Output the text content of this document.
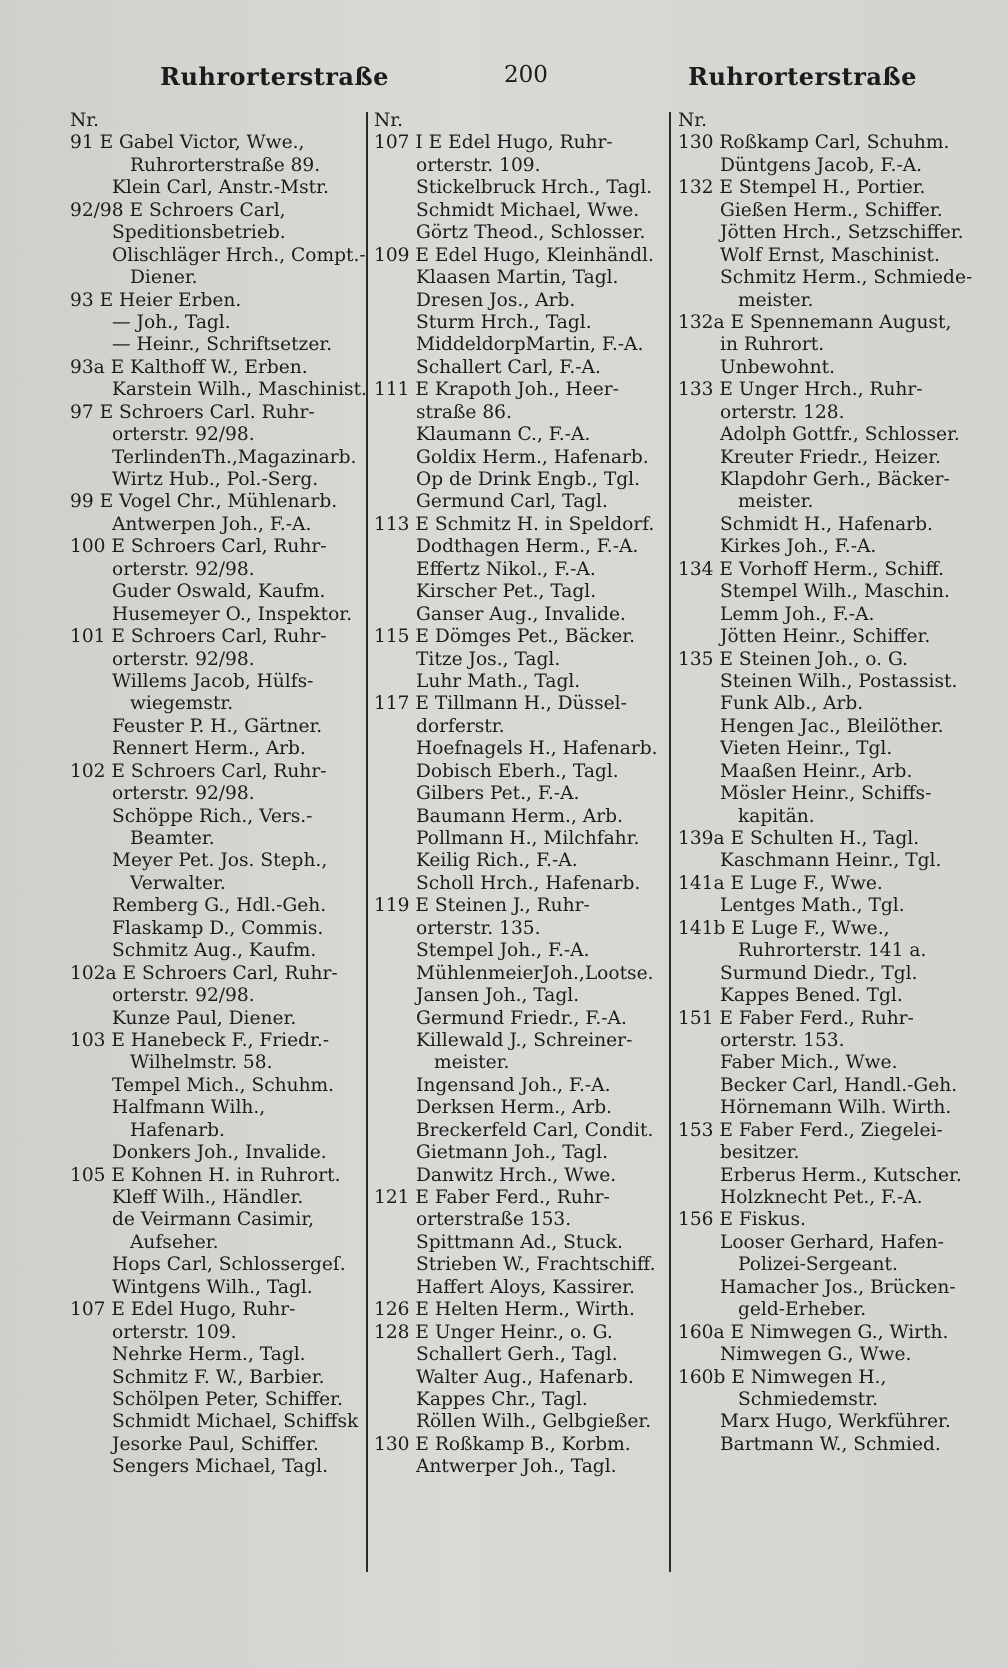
Ruhrorterstraße	200	Ruhrorterstraße
Nr.
91 E Gabel Victor, Wwe.,
Ruhrorterstraße 89.
Klein Carl, Anstr.-Mstr.
92/98 E Schroers Carl,
Speditionsbetrieb.
Olischläger Hrch., Compt.-
Diener.
93 E Heier Erben.
— Joh., Tagl.
— Heinr., Schriftsetzer.
93a E Kalthoff W., Erben.
Karstein Wilh., Maschinist.
97 E Schroers Carl. Ruhr-
orterstr. 92/98.
TerlindenTh.,Magazinarb.
Wirtz Hub., Pol.-Serg.
99 E Vogel Chr., Mühlenarb.
Antwerpen Joh., F.-A.
100 E Schroers Carl, Ruhr-
orterstr. 92/98.
Guder Oswald, Kaufm.
Husemeyer O., Inspektor.
101 E Schroers Carl, Ruhr-
orterstr. 92/98.
Willems Jacob, Hülfs-
wiegemstr.
Feuster P. H., Gärtner.
Rennert Herm., Arb.
102 E Schroers Carl, Ruhr-
orterstr. 92/98.
Schöppe Rich., Vers.-
Beamter.
Meyer Pet. Jos. Steph.,
Verwalter.
Remberg G., Hdl.-Geh.
Flaskamp D., Commis.
Schmitz Aug., Kaufm.
102a E Schroers Carl, Ruhr-
orterstr. 92/98.
Kunze Paul, Diener.
103 E Hanebeck F., Friedr.-
Wilhelmstr. 58.
Tempel Mich., Schuhm.
Halfmann Wilh.,
Hafenarb.
Donkers Joh., Invalide.
105 E Kohnen H. in Ruhrort.
Kleff Wilh., Händler.
de Veirmann Casimir,
Aufseher.
Hops Carl, Schlossergeſ.
Wintgens Wilh., Tagl.
107 E Edel Hugo, Ruhr-
orterstr. 109.
Nehrke Herm., Tagl.
Schmitz F. W., Barbier.
Schölpen Peter, Schiffer.
Schmidt Michael, Schiffsk
Jesorke Paul, Schiffer.
Sengers Michael, Tagl.
Nr.
107 I E Edel Hugo, Ruhr-
orterstr. 109.
Stickelbruck Hrch., Tagl.
Schmidt Michael, Wwe.
Görtz Theod., Schlosser.
109 E Edel Hugo, Kleinhändl.
Klaasen Martin, Tagl.
Dresen Jos., Arb.
Sturm Hrch., Tagl.
MiddeldorpMartin, F.-A.
Schallert Carl, F.-A.
111 E Krapoth Joh., Heer-
straße 86.
Klaumann C., F.-A.
Goldix Herm., Hafenarb.
Op de Drink Engb., Tgl.
Germund Carl, Tagl.
113 E Schmitz H. in Speldorf.
Dodthagen Herm., F.-A.
Effertz Nikol., F.-A.
Kirscher Pet., Tagl.
Ganser Aug., Invalide.
115 E Dömges Pet., Bäcker.
Titze Jos., Tagl.
Luhr Math., Tagl.
117 E Tillmann H., Düssel-
dorferstr.
Hoefnagels H., Hafenarb.
Dobisch Eberh., Tagl.
Gilbers Pet., F.-A.
Baumann Herm., Arb.
Pollmann H., Milchfahr.
Keilig Rich., F.-A.
Scholl Hrch., Hafenarb.
119 E Steinen J., Ruhr-
orterstr. 135.
Stempel Joh., F.-A.
MühlenmeierJoh.,Lootse.
Jansen Joh., Tagl.
Germund Friedr., F.-A.
Killewald J., Schreiner-
meister.
Ingensand Joh., F.-A.
Derksen Herm., Arb.
Breckerfeld Carl, Condit.
Gietmann Joh., Tagl.
Danwitz Hrch., Wwe.
121 E Faber Ferd., Ruhr-
orterstraße 153.
Spittmann Ad., Stuck.
Strieben W., Frachtschiff.
Haffert Aloys, Kassirer.
126 E Helten Herm., Wirth.
128 E Unger Heinr., o. G.
Schallert Gerh., Tagl.
Walter Aug., Hafenarb.
Kappes Chr., Tagl.
Röllen Wilh., Gelbgießer.
130 E Roßkamp B., Korbm.
Antwerper Joh., Tagl.
Nr.
130 Roßkamp Carl, Schuhm.
Düntgens Jacob, F.-A.
132 E Stempel H., Portier.
Gießen Herm., Schiffer.
Jötten Hrch., Setzschiffer.
Wolf Ernst, Maschinist.
Schmitz Herm., Schmiede-
meister.
132a E Spennemann August,
in Ruhrort.
Unbewohnt.
133 E Unger Hrch., Ruhr-
orterstr. 128.
Adolph Gottfr., Schlosser.
Kreuter Friedr., Heizer.
Klapdohr Gerh., Bäcker-
meister.
Schmidt H., Hafenarb.
Kirkes Joh., F.-A.
134 E Vorhoff Herm., Schiff.
Stempel Wilh., Maschin.
Lemm Joh., F.-A.
Jötten Heinr., Schiffer.
135 E Steinen Joh., o. G.
Steinen Wilh., Postassist.
Funk Alb., Arb.
Hengen Jac., Bleilöther.
Vieten Heinr., Tgl.
Maaßen Heinr., Arb.
Mösler Heinr., Schiffs-
kapitän.
139a E Schulten H., Tagl.
Kaschmann Heinr., Tgl.
141a E Luge F., Wwe.
Lentges Math., Tgl.
141b E Luge F., Wwe.,
Ruhrorterstr. 141 a.
Surmund Diedr., Tgl.
Kappes Bened. Tgl.
151 E Faber Ferd., Ruhr-
orterstr. 153.
Faber Mich., Wwe.
Becker Carl, Handl.-Geh.
Hörnemann Wilh. Wirth.
153 E Faber Ferd., Ziegelei-
besitzer.
Erberus Herm., Kutscher.
Holzknecht Pet., F.-A.
156 E Fiskus.
Looser Gerhard, Hafen-
Polizei-Sergeant.
Hamacher Jos., Brücken-
geld-Erheber.
160a E Nimwegen G., Wirth.
Nimwegen G., Wwe.
160b E Nimwegen H.,
Schmiedemstr.
Marx Hugo, Werkführer.
Bartmann W., Schmied.
